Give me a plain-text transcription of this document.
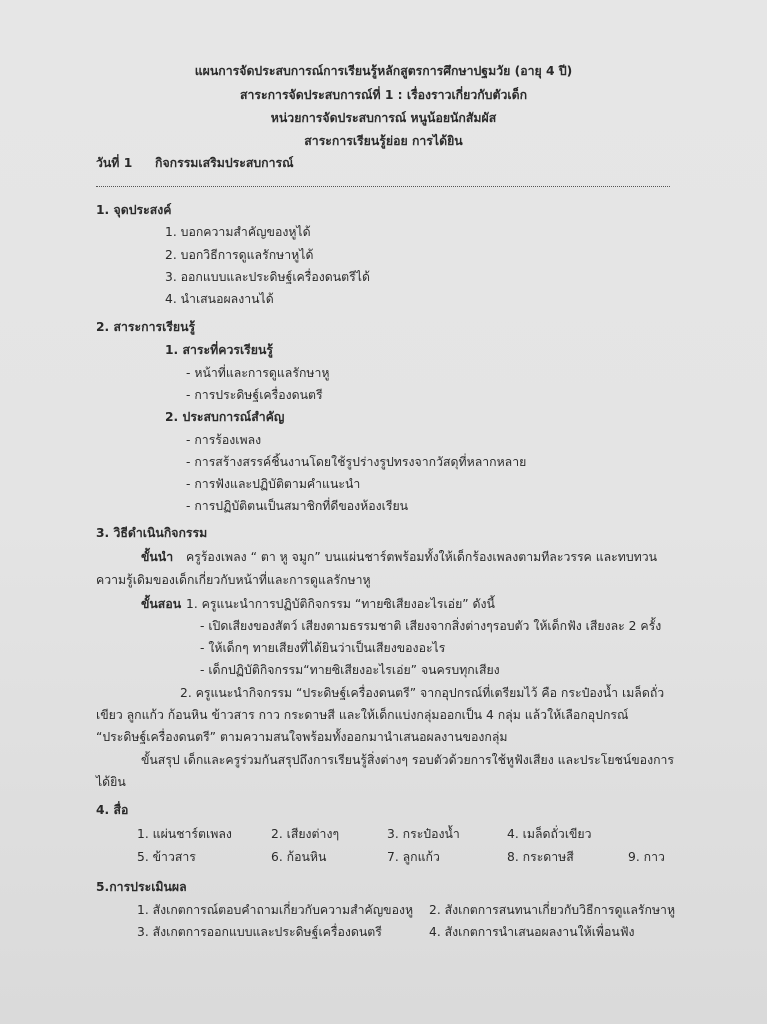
แผนการจัดประสบการณ์การเรียนรู้หลักสูตรการศึกษาปฐมวัย (อายุ 4 ปี)
สาระการจัดประสบการณ์ที่ 1 : เรื่องราวเกี่ยวกับตัวเด็ก
หน่วยการจัดประสบการณ์ หนูน้อยนักสัมผัส
สาระการเรียนรู้ย่อย การได้ยิน
วันที่ 1 กิจกรรมเสริมประสบการณ์
1. จุดประสงค์
1. บอกความสำคัญของหูได้
2. บอกวิธีการดูแลรักษาหูได้
3. ออกแบบและประดิษฐ์เครื่องดนตรีได้
4. นำเสนอผลงานได้
2. สาระการเรียนรู้
1. สาระที่ควรเรียนรู้
- หน้าที่และการดูแลรักษาหู
- การประดิษฐ์เครื่องดนตรี
2. ประสบการณ์สำคัญ
- การร้องเพลง
- การสร้างสรรค์ชิ้นงานโดยใช้รูปร่างรูปทรงจากวัสดุที่หลากหลาย
- การฟังและปฏิบัติตามคำแนะนำ
- การปฏิบัติตนเป็นสมาชิกที่ดีของห้องเรียน
3. วิธีดำเนินกิจกรรม
ขั้นนำ ครูร้องเพลง “ ตา หู จมูก” บนแผ่นชาร์ตพร้อมทั้งให้เด็กร้องเพลงตามทีละวรรค และทบทวน
ความรู้เดิมของเด็กเกี่ยวกับหน้าที่และการดูแลรักษาหู
ขั้นสอน 1. ครูแนะนำการปฏิบัติกิจกรรม “ทายซิเสียงอะไรเอ่ย” ดังนี้
- เปิดเสียงของสัตว์ เสียงตามธรรมชาติ เสียงจากสิ่งต่างๆรอบตัว ให้เด็กฟัง เสียงละ 2 ครั้ง
- ให้เด็กๆ ทายเสียงที่ได้ยินว่าเป็นเสียงของอะไร
- เด็กปฏิบัติกิจกรรม“ทายซิเสียงอะไรเอ่ย” จนครบทุกเสียง
2. ครูแนะนำกิจกรรม “ประดิษฐ์เครื่องดนตรี” จากอุปกรณ์ที่เตรียมไว้ คือ กระป๋องน้ำ เมล็ดถั่ว
เขียว ลูกแก้ว ก้อนหิน ข้าวสาร กาว กระดาษสี และให้เด็กแบ่งกลุ่มออกเป็น 4 กลุ่ม แล้วให้เลือกอุปกรณ์
“ประดิษฐ์เครื่องดนตรี” ตามความสนใจพร้อมทั้งออกมานำเสนอผลงานของกลุ่ม
ขั้นสรุป เด็กและครูร่วมกันสรุปถึงการเรียนรู้สิ่งต่างๆ รอบตัวด้วยการใช้หูฟังเสียง และประโยชน์ของการ
ได้ยิน
4. สื่อ
1. แผ่นชาร์ตเพลง	2. เสียงต่างๆ	3. กระป๋องน้ำ	4. เมล็ดถั่วเขียว
5. ข้าวสาร	6. ก้อนหิน	7. ลูกแก้ว	8. กระดาษสี	9. กาว
5.การประเมินผล
1. สังเกตการณ์ตอบคำถามเกี่ยวกับความสำคัญของหู 2. สังเกตการสนทนาเกี่ยวกับวิธีการดูแลรักษาหู
3. สังเกตการออกแบบและประดิษฐ์เครื่องดนตรี	4. สังเกตการนำเสนอผลงานให้เพื่อนฟัง
